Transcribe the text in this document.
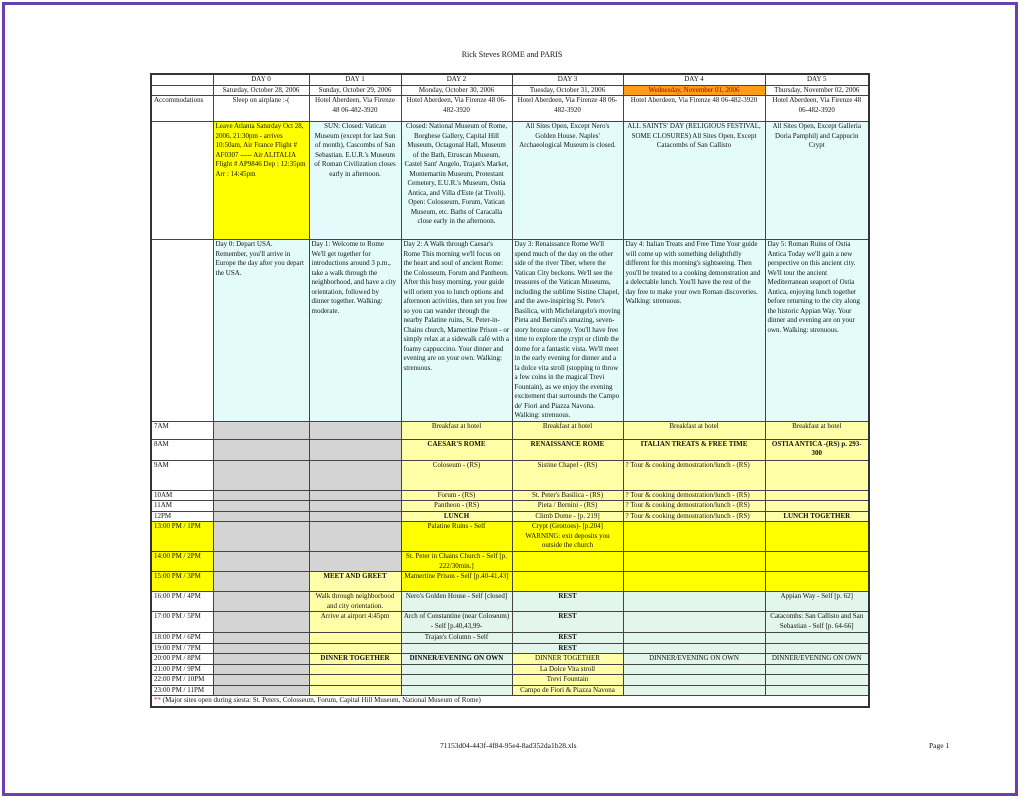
Rick Steves ROME and PARIS
	DAY 0	DAY 1	DAY 2	DAY 3	DAY 4	DAY 5
	Saturday, October 28, 2006	Sunday, October 29, 2006	Monday, October 30, 2006	Tuesday, October 31, 2006	Wednesday, November 01, 2006	Thursday, November 02, 2006
Accommodations	Sleep on airplane :-(	Hotel Aberdeen, Via Firenze 48 06-482-3920	Hotel Aberdeen, Via Firenze 48 06-482-3920	Hotel Aberdeen, Via Firenze 48 06-482-3920	Hotel Aberdeen, Via Firenze 48 06-482-3920	Hotel Aberdeen, Via Firenze 48 06-482-3920
	Leave Atlanta Saturday Oct 28, 2006, 21:30pm - arrives 10:50am, Air France Flight # AF0307 ----- Air ALITALIA Flight # AP9846 Dep : 12:35pm Arr : 14:45pm	SUN: Closed: Vatican Museum (except for last Sun of month), Cascombs of San Sebastian. E.U.R.'s Museum of Roman Civilization closes early in afternoon.	Closed: National Museum of Rome, Borghese Gallery, Capital Hill Museum, Octagonal Hall, Museum of the Bath, Etruscan Museum, Castel Sant' Angelo, Trajan's Market, Montemartin Museum, Protestant Cemetery, E.U.R.'s Museum, Ostia Antica, and Villa d'Este (at Tivoli). Open: Colosseum, Forum, Vatican Museum, etc. Baths of Caracalla close early in the afternoon.	All Sites Open, Except Nero's Golden House. Naples' Archaeological Museum is closed.	ALL SAINTS' DAY (RELIGIOUS FESTIVAL, SOME CLOSURES) All Sites Open, Except Catacombs of San Callisto	All Sites Open, Except Galleria Doria Pamphilj and Cappucin Crypt
	Day 0: Depart USA. Remember, you'll arrive in Europe the day after you depart the USA.	Day 1: Welcome to Rome We'll get together for introductions around 3 p.m., take a walk through the neighborhood, and have a city orientation, followed by dinner together. Walking: moderate.	Day 2: A Walk through Caesar's Rome This morning we'll focus on the heart and soul of ancient Rome: the Colosseum, Forum and Pantheon. After this busy morning, your guide will orient you to lunch options and afternoon activities, then set you free so you can wander through the nearby Palatine ruins, St. Peter-in-Chains church, Mamertine Prison - or simply relax at a sidewalk café with a foamy cappuccino. Your dinner and evening are on your own. Walking: strenuous.	Day 3: Renaissance Rome We'll spend much of the day on the other side of the river Tiber, where the Vatican City beckons. We'll see the treasures of the Vatican Museums, including the sublime Sistine Chapel, and the awe-inspiring St. Peter's Basilica, with Michelangelo's moving Pieta and Bernini's amazing, seven-story bronze canopy. You'll have free time to explore the crypt or climb the dome for a fantastic vista. We'll meet in the early evening for dinner and a la dolce vita stroll (stopping to throw a few coins in the magical Trevi Fountain), as we enjoy the evening excitement that surrounds the Campo de' Fiori and Piazza Navona. Walking: strenuous.	Day 4: Italian Treats and Free Time Your guide will come up with something delightfully different for this morning's sightseeing. Then you'll be treated to a cooking demonstration and a delectable lunch. You'll have the rest of the day free to make your own Roman discoveries. Walking: strenuous.	Day 5: Roman Ruins of Ostia Antica Today we'll gain a new perspective on this ancient city. We'll tour the ancient Mediterranean seaport of Ostia Antica, enjoying lunch together before returning to the city along the historic Appian Way. Your dinner and evening are on your own. Walking: strenuous.
7AM			Breakfast at hotel	Breakfast at hotel	Breakfast at hotel	Breakfast at hotel
8AM			CAESAR'S ROME	RENAISSANCE ROME	ITALIAN TREATS & FREE TIME	OSTIA ANTICA -(RS) p. 293-300
9AM			Coloseum - (RS)	Sistine Chapel - (RS)	? Tour & cooking demostration/lunch - (RS)	
10AM			Forum - (RS)	St. Peter's Basilica - (RS)	? Tour & cooking demostration/lunch - (RS)	
11AM			Pantheon - (RS)	Pieta / Bernini - (RS)	? Tour & cooking demostration/lunch - (RS)	
12PM			LUNCH	Climb Dome - [p. 219]	? Tour & cooking demostration/lunch - (RS)	LUNCH TOGETHER
13:00 PM / 1PM			Palatine Ruins - Self	Crypt (Grottoes)- [p.204] WARNING: exit deposits you outside the church		
14:00 PM / 2PM			St. Peter in Chains Church - Self [p. 222/30min.]			
15:00 PM / 3PM		MEET AND GREET	Mamertine Prison - Self [p.40-41,43]			
16:00 PM / 4PM		Walk through neighborhood and city orientation.	Nero's Golden House - Self [closed]	REST		Appian Way - Self [p. 62]
17:00 PM / 5PM		Arrive at airport 4:45pm	Arch of Constantine (near Coloseum) - Self [p.40,43,99-	REST		Catacombs: San Callisto and San Sebastian - Self [p. 64-66]
18:00 PM / 6PM			Trajan's Column - Self	REST		
19:00 PM / 7PM				REST		
20:00 PM / 8PM		DINNER TOGETHER	DINNER/EVENING ON OWN	DINNER TOGETHER	DINNER/EVENING ON OWN	DINNER/EVENING ON OWN
21:00 PM / 9PM				La Dolce Vita stroll		
22:00 PM / 10PM				Trevi Fountain		
23:00 PM / 11PM				Campo de Fiori & Piazza Navona		
** (Major sites open during siesta: St. Peters, Colosseum, Forum, Capital Hill Museum, National Museum of Rome)						
71153d04-443f-4f84-95e4-8ad352da1b28.xls	Page 1
